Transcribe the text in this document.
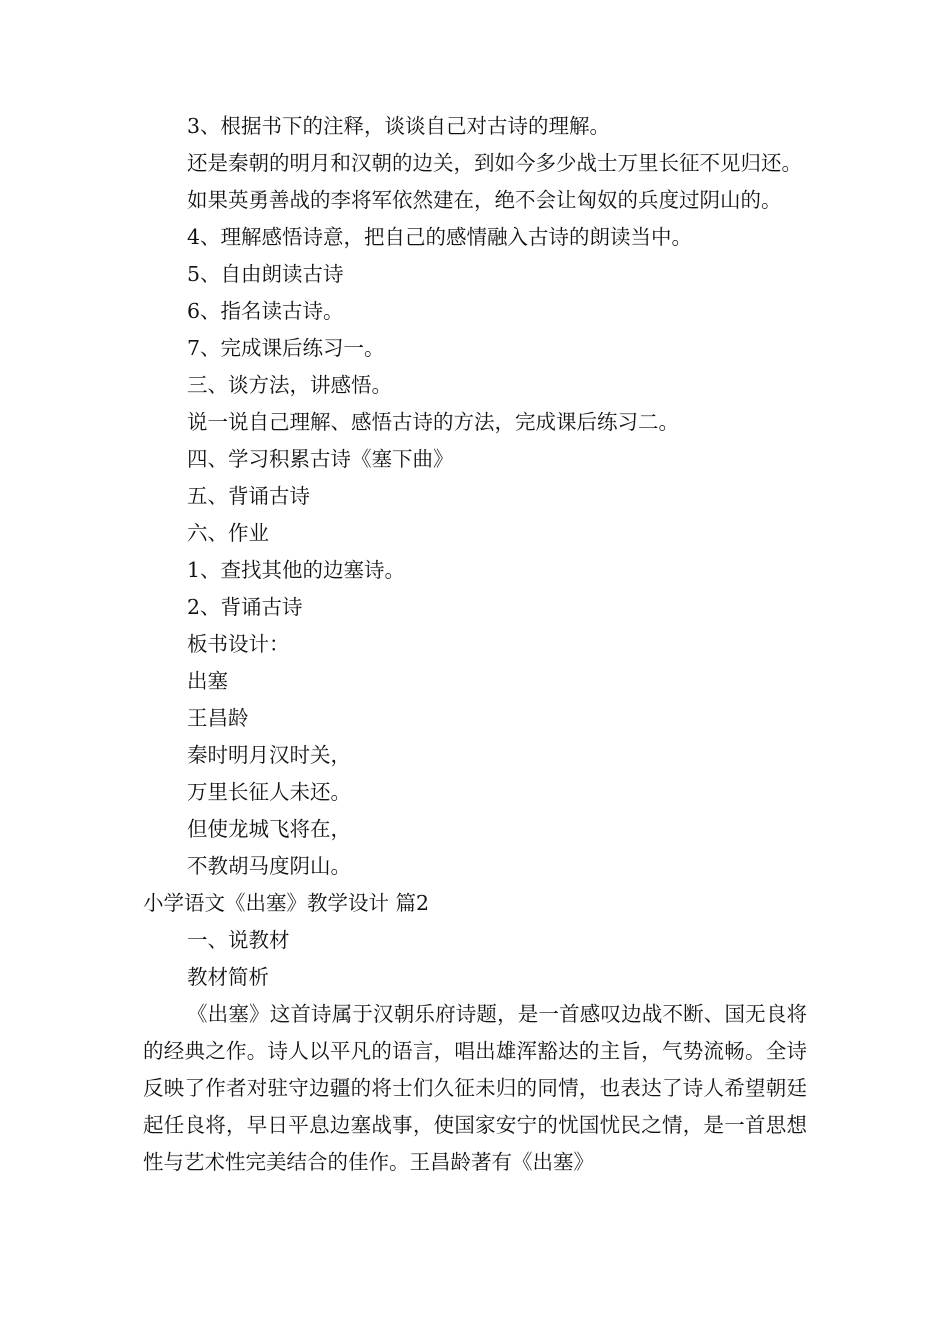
3、根据书下的注释，谈谈自己对古诗的理解。

还是秦朝的明月和汉朝的边关，到如今多少战士万里长征不见归还。

如果英勇善战的李将军依然建在，绝不会让匈奴的兵度过阴山的。

4、理解感悟诗意，把自己的感情融入古诗的朗读当中。

5、自由朗读古诗

6、指名读古诗。

7、完成课后练习一。

三、谈方法，讲感悟。

说一说自己理解、感悟古诗的方法，完成课后练习二。

四、学习积累古诗《塞下曲》

五、背诵古诗

六、作业

1、查找其他的边塞诗。

2、背诵古诗

板书设计：

出塞

王昌龄

秦时明月汉时关，

万里长征人未还。

但使龙城飞将在，

不教胡马度阴山。

小学语文《出塞》教学设计 篇2

一、说教材

教材简析

《出塞》这首诗属于汉朝乐府诗题，是一首感叹边战不断、国无良将的经典之作。诗人以平凡的语言，唱出雄浑豁达的主旨，气势流畅。全诗反映了作者对驻守边疆的将士们久征未归的同情，也表达了诗人希望朝廷起任良将，早日平息边塞战事，使国家安宁的忧国忧民之情，是一首思想性与艺术性完美结合的佳作。王昌龄著有《出塞》
